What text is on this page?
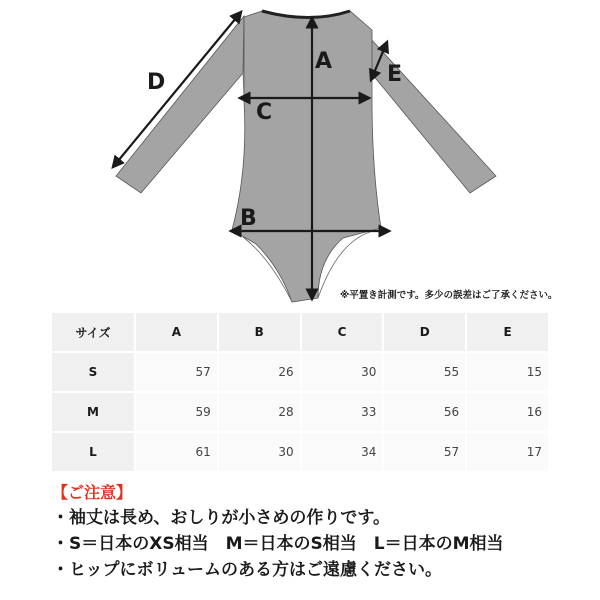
A
B
C
D	E
※平置き計測です。多少の誤差はご了承ください。
サイズ	A	B	C	D	E
S	57	26	30	55	15
M	59	28	33	56	16
L	61	30	34	57	17
【ご注意】
・袖丈は長め、おしりが小さめの作りです。
・S＝日本のXS相当　M＝日本のS相当　L＝日本のM相当
・ヒップにボリュームのある方はご遠慮ください。
